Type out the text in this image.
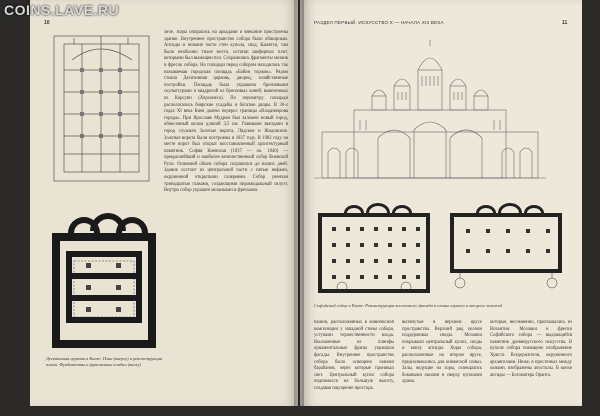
10
зиче. Хоры опирались на аркадами и внешние пристроены здание. Внутреннее пространство собора было обширным. Апсиды и нижние части стен купола, свод. Кажется, там было необычно тихое место, остатки шиферных плит, которыми был вымощен пол. Сохранились фрагменты мозаик и фресок собора. На площади перед собором находилась так называемая городская площадь «Бабин торжок». Рядом стояла Десятинная церковь, дворец, хозяйственные постройки. Площадь была украшена бронзовыми скульптурами и квадригой из бронзовых коней, вывезенных из Корсуни (Херсонеса). По периметру площади располагались боярские усадьбы и богатые дворы. В 30-х годах XI века Киев далеко перерос границы «Владимирова города». При Ярославе Мудром был заложен новый город, обнесенный валом длиной 3,5 км. Главными въездами в город служили Золотые ворота, Лядские и Жидовские. Золотые ворота были построены в 1037 году. В 1982 году на месте ворот был открыт восстановленный архитектурный памятник. София Киевская (1037 — ок. 1040) — прекраснейший и наиболее величественный собор Киевской Руси. Основной объем собора сохранился до наших дней. Здание состоит из центральной части с пятью нефами, окруженной открытыми галереями. Собор увенчан тринадцатью главами, создающими пирамидальный силуэт. Внутри собор украшен мозаиками и фресками.
Десятинная церковь в Киеве. План (вверху) и реконструкция плана. Фундаменты и фрагменты кладки (внизу)
РАЗДЕЛ ПЕРВЫЙ. ИСКУССТВО X — НАЧАЛА XIII ВЕКА	11
Софийский собор в Киеве. Реконструкция восточного фасада и планы первого и второго этажей
башни, расположенных в живописной композиции у западной стены собора, уступами торжественности входа. Выложенные из плинфы орнаментальные фризы украшали фасады. Внутреннее пространство собора было освещено окнами барабанов, через которые проникал свет. Центральный купол собора поднимался на большую высоту, создавая ощущение простора.
вытянутые в верхнем ярусе пространства. Верхний ряд колонн поддерживал своды. Мозаики покрывали центральный купол, своды и конху апсиды. Хоры собора, расположенные на втором ярусе, предназначались для княжеской семьи. Залы, ведущие на хоры, освещались боковыми окнами и сверху куполами храма.
которые, несомненно, приглашались из Византии. Мозаики и фрески Софийского собора — выдающийся памятник древнерусского искусства. В куполе собора помещено изображение Христа Вседержителя, окруженного архангелами. Ниже, в простенках между окнами, изображены апостолы. В конхе апсиды — Богоматерь Оранта.
COINS.LAVE.RU
